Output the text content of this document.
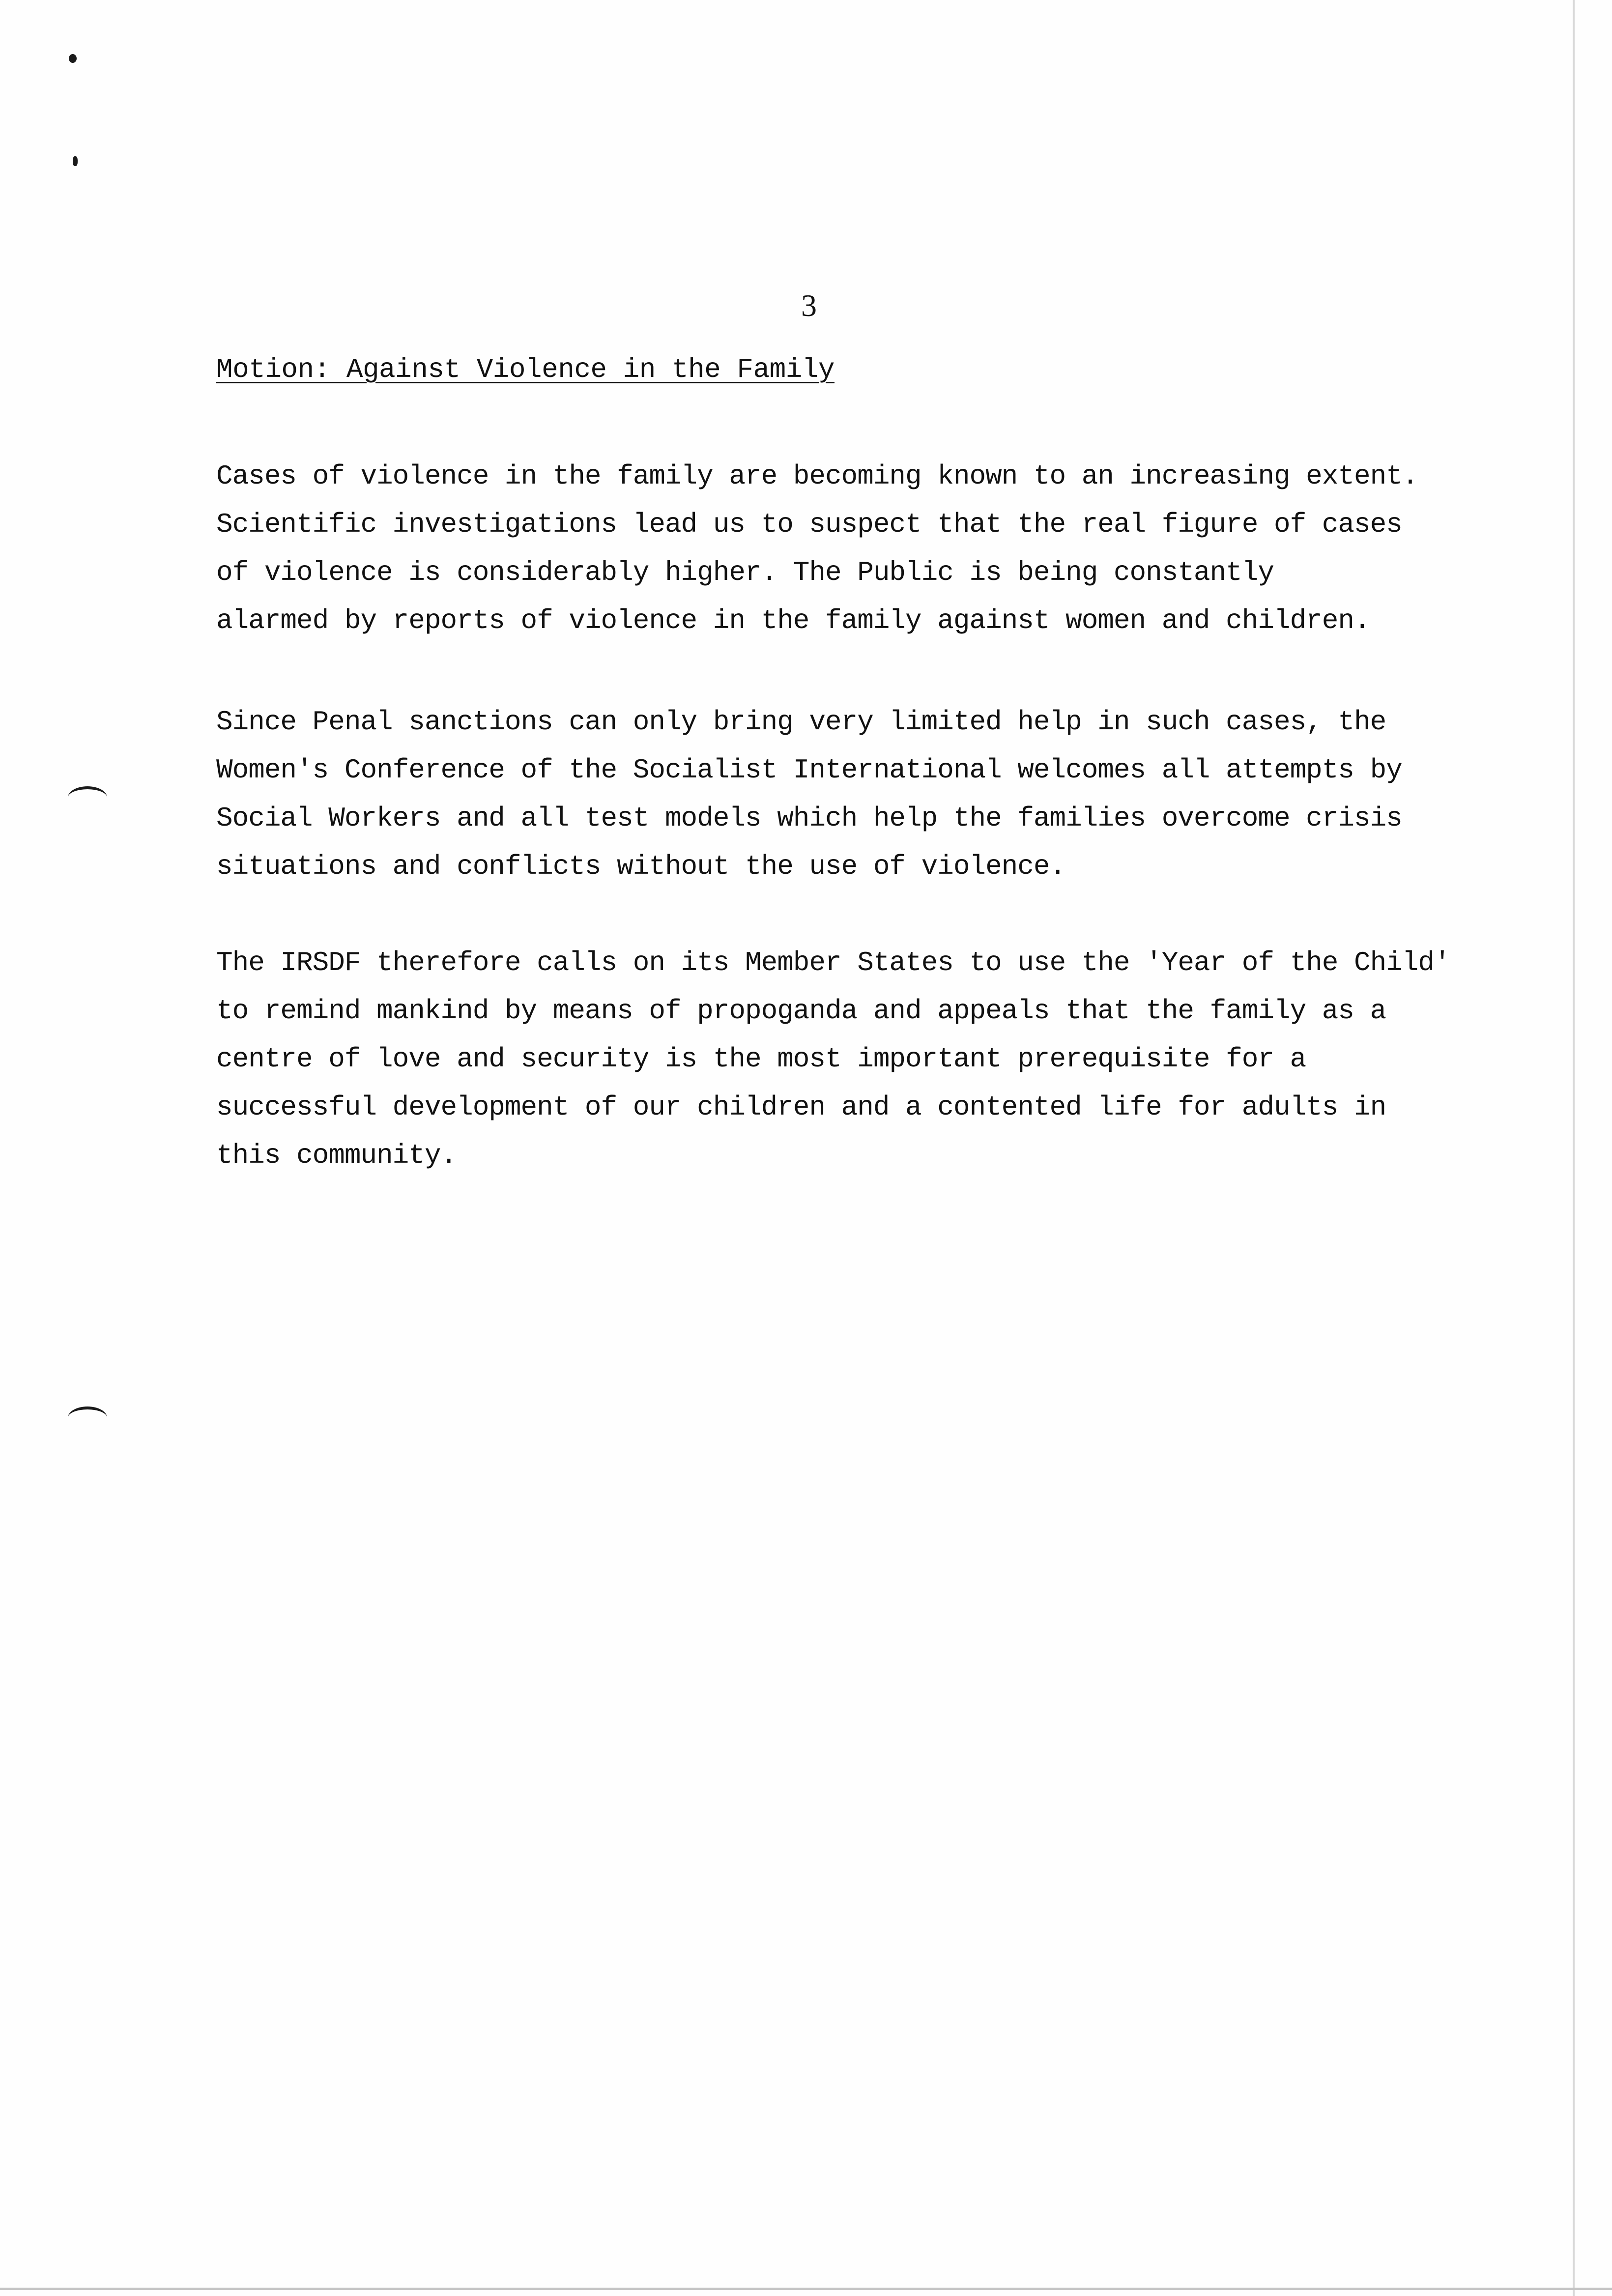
3
Motion: Against Violence in the Family
Cases of violence in the family are becoming known to an increasing extent.
Scientific investigations lead us to suspect that the real figure of cases
of violence is considerably higher. The Public is being constantly
alarmed by reports of violence in the family against women and children.
Since Penal sanctions can only bring very limited help in such cases, the
Women's Conference of the Socialist International welcomes all attempts by
Social Workers and all test models which help the families overcome crisis
situations and conflicts without the use of violence.
The IRSDF therefore calls on its Member States to use the 'Year of the Child'
to remind mankind by means of propoganda and appeals that the family as a
centre of love and security is the most important prerequisite for a
successful development of our children and a contented life for adults in
this community.
